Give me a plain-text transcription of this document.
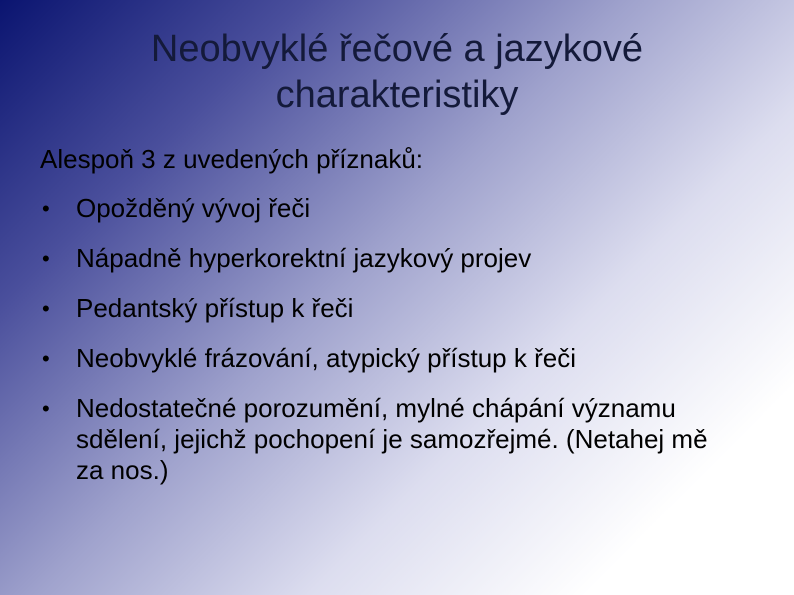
Neobvyklé řečové a jazykové charakteristiky

Alespoň 3 z uvedených příznaků:

• Opožděný vývoj řeči
• Nápadně hyperkorektní jazykový projev
• Pedantský přístup k řeči
• Neobvyklé frázování, atypický přístup k řeči
• Nedostatečné porozumění, mylné chápání významu sdělení, jejichž pochopení je samozřejmé. (Netahej mě za nos.)
